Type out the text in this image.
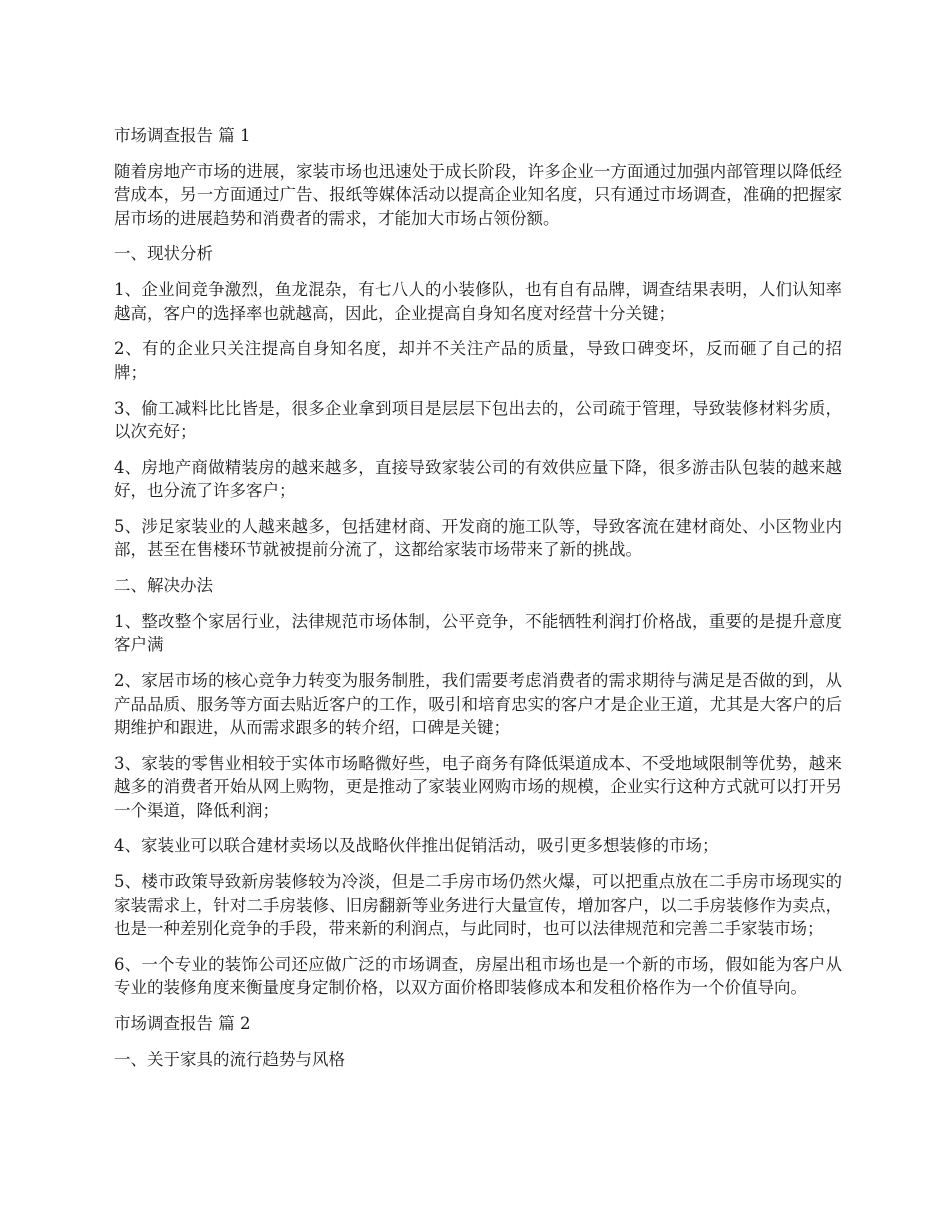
市场调查报告 篇 1

随着房地产市场的进展，家装市场也迅速处于成长阶段，许多企业一方面通过加强内部管理以降低经营成本，另一方面通过广告、报纸等媒体活动以提高企业知名度，只有通过市场调查，准确的把握家居市场的进展趋势和消费者的需求，才能加大市场占领份额。

一、现状分析

1、企业间竞争激烈，鱼龙混杂，有七八人的小装修队，也有自有品牌，调查结果表明，人们认知率越高，客户的选择率也就越高，因此，企业提高自身知名度对经营十分关键；

2、有的企业只关注提高自身知名度，却并不关注产品的质量，导致口碑变坏，反而砸了自己的招牌；

3、偷工减料比比皆是，很多企业拿到项目是层层下包出去的，公司疏于管理，导致装修材料劣质，以次充好；

4、房地产商做精装房的越来越多，直接导致家装公司的有效供应量下降，很多游击队包装的越来越好，也分流了许多客户；

5、涉足家装业的人越来越多，包括建材商、开发商的施工队等，导致客流在建材商处、小区物业内部，甚至在售楼环节就被提前分流了，这都给家装市场带来了新的挑战。

二、解决办法

1、整改整个家居行业，法律规范市场体制，公平竞争，不能牺牲利润打价格战，重要的是提升意度客户满

2、家居市场的核心竞争力转变为服务制胜，我们需要考虑消费者的需求期待与满足是否做的到，从产品品质、服务等方面去贴近客户的工作，吸引和培育忠实的客户才是企业王道，尤其是大客户的后期维护和跟进，从而需求跟多的转介绍，口碑是关键；

3、家装的零售业相较于实体市场略微好些，电子商务有降低渠道成本、不受地域限制等优势，越来越多的消费者开始从网上购物，更是推动了家装业网购市场的规模，企业实行这种方式就可以打开另一个渠道，降低利润；

4、家装业可以联合建材卖场以及战略伙伴推出促销活动，吸引更多想装修的市场；

5、楼市政策导致新房装修较为冷淡，但是二手房市场仍然火爆，可以把重点放在二手房市场现实的家装需求上，针对二手房装修、旧房翻新等业务进行大量宣传，增加客户，以二手房装修作为卖点，也是一种差别化竞争的手段，带来新的利润点，与此同时，也可以法律规范和完善二手家装市场；

6、一个专业的装饰公司还应做广泛的市场调查，房屋出租市场也是一个新的市场，假如能为客户从专业的装修角度来衡量度身定制价格，以双方面价格即装修成本和发租价格作为一个价值导向。

市场调查报告 篇 2

一、关于家具的流行趋势与风格
